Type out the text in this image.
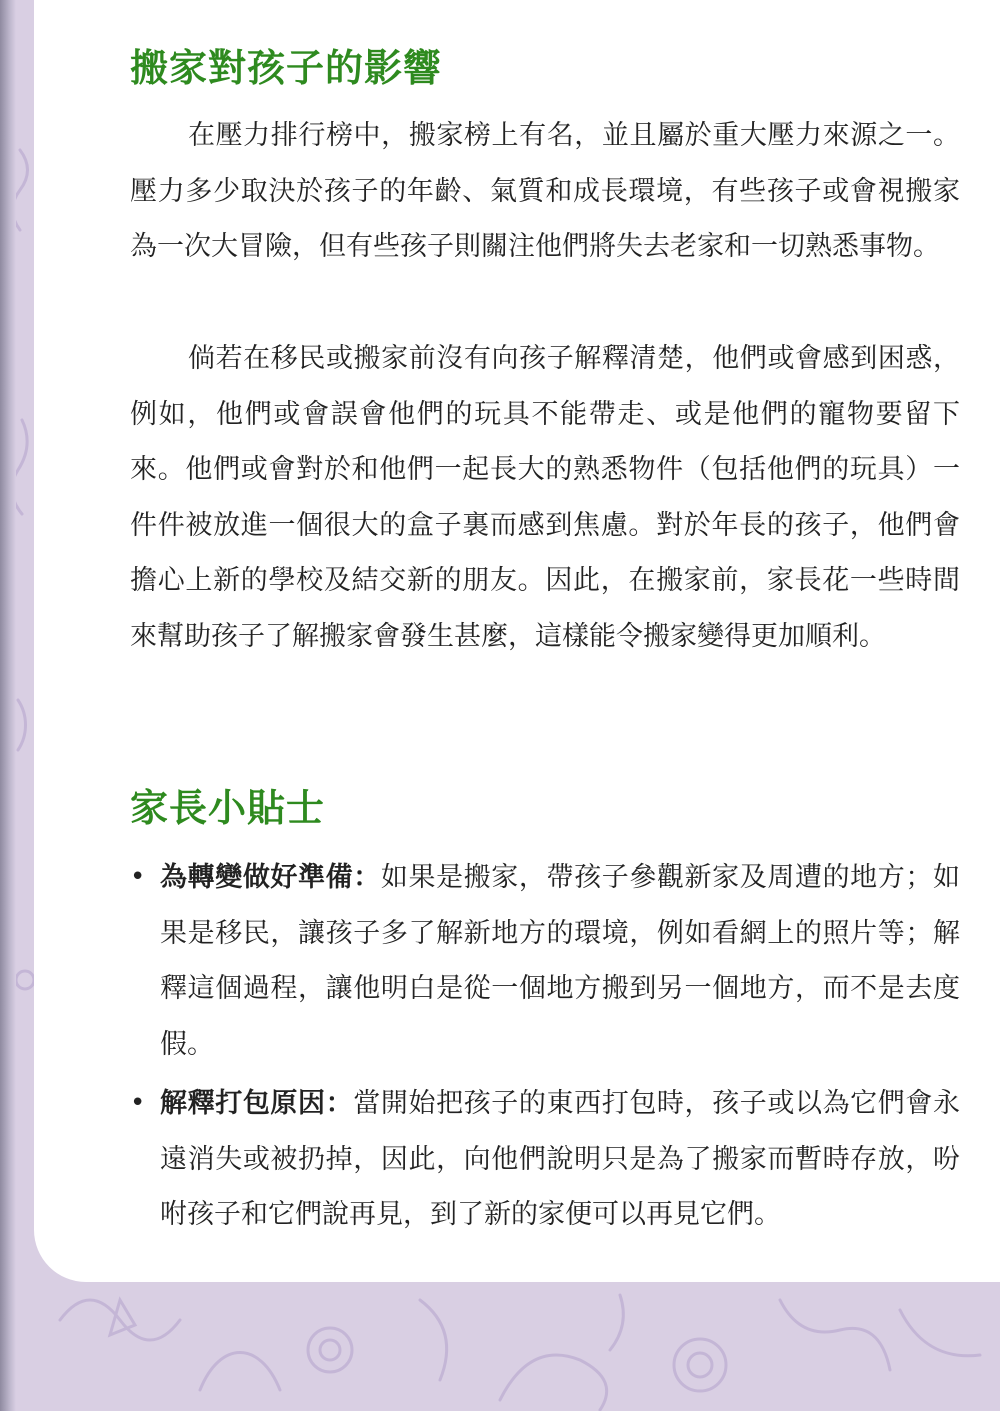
搬家對孩子的影響

在壓力排行榜中，搬家榜上有名，並且屬於重大壓力來源之一。壓力多少取決於孩子的年齡、氣質和成長環境，有些孩子或會視搬家為一次大冒險，但有些孩子則關注他們將失去老家和一切熟悉事物。

倘若在移民或搬家前沒有向孩子解釋清楚，他們或會感到困惑，例如，他們或會誤會他們的玩具不能帶走、或是他們的寵物要留下來。他們或會對於和他們一起長大的熟悉物件（包括他們的玩具）一件件被放進一個很大的盒子裏而感到焦慮。對於年長的孩子，他們會擔心上新的學校及結交新的朋友。因此，在搬家前，家長花一些時間來幫助孩子了解搬家會發生甚麼，這樣能令搬家變得更加順利。

家長小貼士
• 為轉變做好準備：如果是搬家，帶孩子參觀新家及周遭的地方；如果是移民，讓孩子多了解新地方的環境，例如看網上的照片等；解釋這個過程，讓他明白是從一個地方搬到另一個地方，而不是去度假。
• 解釋打包原因：當開始把孩子的東西打包時，孩子或以為它們會永遠消失或被扔掉，因此，向他們說明只是為了搬家而暫時存放，吩咐孩子和它們說再見，到了新的家便可以再見它們。
